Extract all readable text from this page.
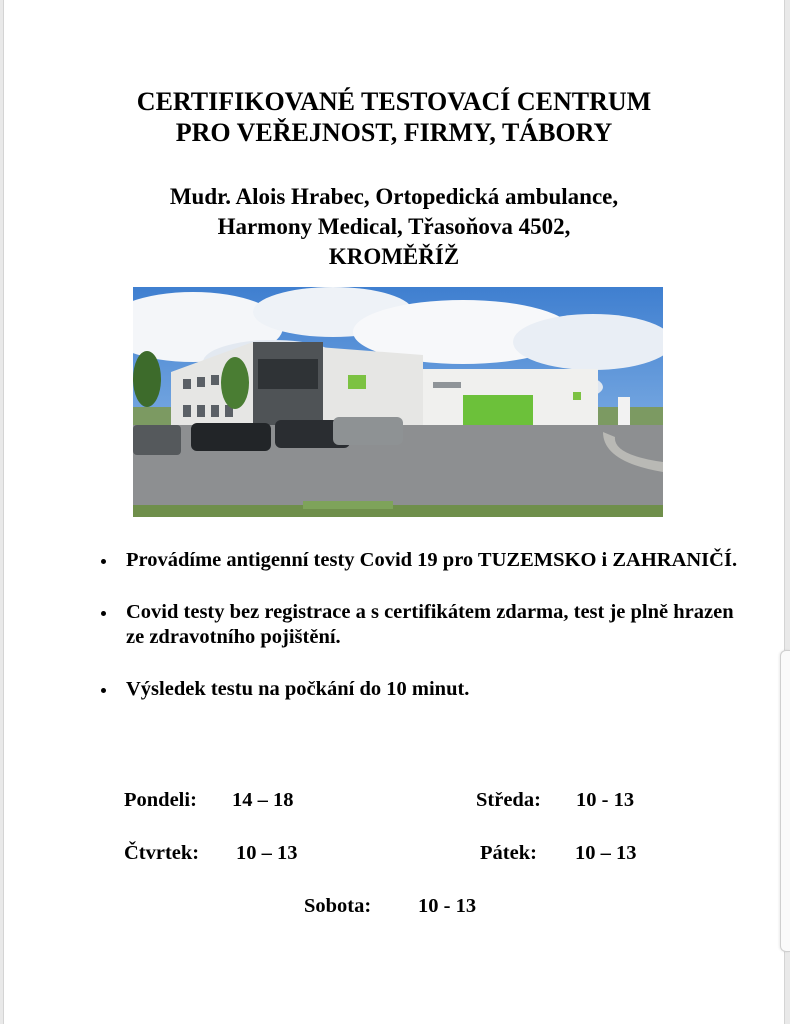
CERTIFIKOVANÉ TESTOVACÍ CENTRUM
PRO VEŘEJNOST, FIRMY, TÁBORY
Mudr. Alois Hrabec, Ortopedická ambulance,
Harmony Medical, Třasoňova 4502,
KROMĚŘÍŽ
Provádíme antigenní testy Covid 19 pro TUZEMSKO i ZAHRANIČÍ.
Covid testy bez registrace a s certifikátem zdarma, test je plně hrazen ze zdravotního pojištění.
Výsledek testu na počkání do 10 minut.
Pondeli: 14 – 18	Středa: 10 - 13
Čtvrtek: 10 – 13	Pátek: 10 – 13
Sobota: 10 - 13
